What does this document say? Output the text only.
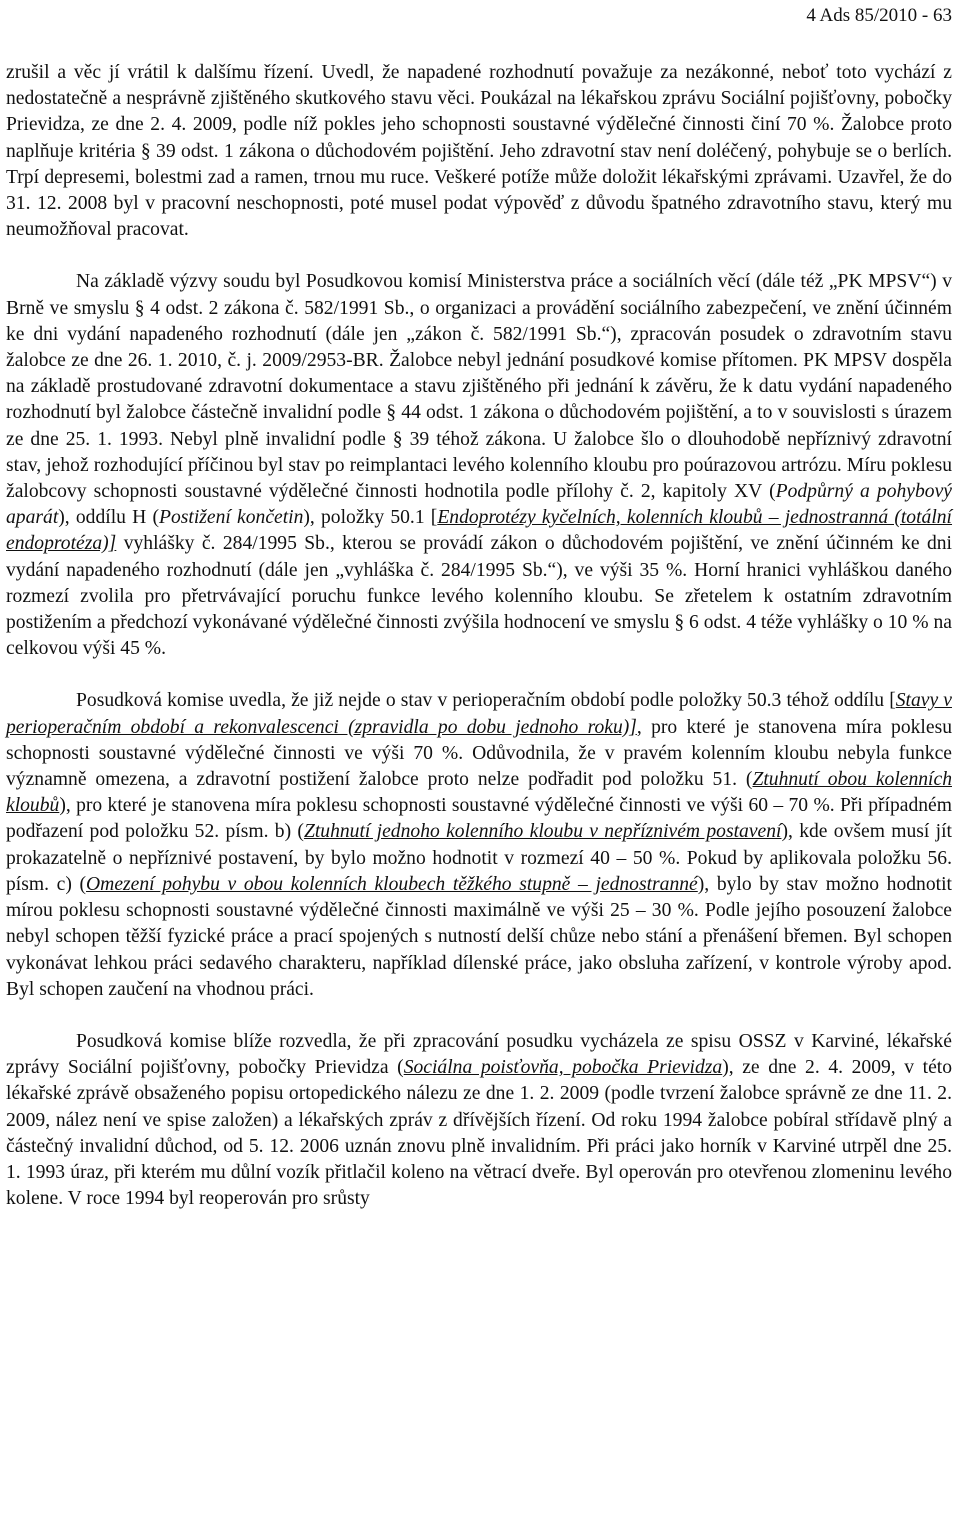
4 Ads 85/2010 - 63

zrušil a věc jí vrátil k dalšímu řízení. Uvedl, že napadené rozhodnutí považuje za nezákonné, neboť toto vychází z nedostatečně a nesprávně zjištěného skutkového stavu věci. Poukázal na lékařskou zprávu Sociální pojišťovny, pobočky Prievidza, ze dne 2. 4. 2009, podle níž pokles jeho schopnosti soustavné výdělečné činnosti činí 70 %. Žalobce proto naplňuje kritéria § 39 odst. 1 zákona o důchodovém pojištění. Jeho zdravotní stav není doléčený, pohybuje se o berlích. Trpí depresemi, bolestmi zad a ramen, trnou mu ruce. Veškeré potíže může doložit lékařskými zprávami. Uzavřel, že do 31. 12. 2008 byl v pracovní neschopnosti, poté musel podat výpověď z důvodu špatného zdravotního stavu, který mu neumožňoval pracovat.

Na základě výzvy soudu byl Posudkovou komisí Ministerstva práce a sociálních věcí (dále též „PK MPSV“) v Brně ve smyslu § 4 odst. 2 zákona č. 582/1991 Sb., o organizaci a provádění sociálního zabezpečení, ve znění účinném ke dni vydání napadeného rozhodnutí (dále jen „zákon č. 582/1991 Sb.“), zpracován posudek o zdravotním stavu žalobce ze dne 26. 1. 2010, č. j. 2009/2953-BR. Žalobce nebyl jednání posudkové komise přítomen. PK MPSV dospěla na základě prostudované zdravotní dokumentace a stavu zjištěného při jednání k závěru, že k datu vydání napadeného rozhodnutí byl žalobce částečně invalidní podle § 44 odst. 1 zákona o důchodovém pojištění, a to v souvislosti s úrazem ze dne 25. 1. 1993. Nebyl plně invalidní podle § 39 téhož zákona. U žalobce šlo o dlouhodobě nepříznivý zdravotní stav, jehož rozhodující příčinou byl stav po reimplantaci levého kolenního kloubu pro poúrazovou artrózu. Míru poklesu žalobcovy schopnosti soustavné výdělečné činnosti hodnotila podle přílohy č. 2, kapitoly XV (Podpůrný a pohybový aparát), oddílu H (Postižení končetin), položky 50.1 [Endoprotézy kyčelních, kolenních kloubů – jednostranná (totální endoprotéza)] vyhlášky č. 284/1995 Sb., kterou se provádí zákon o důchodovém pojištění, ve znění účinném ke dni vydání napadeného rozhodnutí (dále jen „vyhláška č. 284/1995 Sb.“), ve výši 35 %. Horní hranici vyhláškou daného rozmezí zvolila pro přetrvávající poruchu funkce levého kolenního kloubu. Se zřetelem k ostatním zdravotním postižením a předchozí vykonávané výdělečné činnosti zvýšila hodnocení ve smyslu § 6 odst. 4 téže vyhlášky o 10 % na celkovou výši 45 %.

Posudková komise uvedla, že již nejde o stav v perioperačním období podle položky 50.3 téhož oddílu [Stavy v perioperačním období a rekonvalescenci (zpravidla po dobu jednoho roku)], pro které je stanovena míra poklesu schopnosti soustavné výdělečné činnosti ve výši 70 %. Odůvodnila, že v pravém kolenním kloubu nebyla funkce významně omezena, a zdravotní postižení žalobce proto nelze podřadit pod položku 51. (Ztuhnutí obou kolenních kloubů), pro které je stanovena míra poklesu schopnosti soustavné výdělečné činnosti ve výši 60 – 70 %. Při případném podřazení pod položku 52. písm. b) (Ztuhnutí jednoho kolenního kloubu v nepříznivém postavení), kde ovšem musí jít prokazatelně o nepříznivé postavení, by bylo možno hodnotit v rozmezí 40 – 50 %. Pokud by aplikovala položku 56. písm. c) (Omezení pohybu v obou kolenních kloubech těžkého stupně – jednostranné), bylo by stav možno hodnotit mírou poklesu schopnosti soustavné výdělečné činnosti maximálně ve výši 25 – 30 %. Podle jejího posouzení žalobce nebyl schopen těžší fyzické práce a prací spojených s nutností delší chůze nebo stání a přenášení břemen. Byl schopen vykonávat lehkou práci sedavého charakteru, například dílenské práce, jako obsluha zařízení, v kontrole výroby apod. Byl schopen zaučení na vhodnou práci.

Posudková komise blíže rozvedla, že při zpracování posudku vycházela ze spisu OSSZ v Karviné, lékařské zprávy Sociální pojišťovny, pobočky Prievidza (Sociálna poisťovňa, pobočka Prievidza), ze dne 2. 4. 2009, v této lékařské zprávě obsaženého popisu ortopedického nálezu ze dne 1. 2. 2009 (podle tvrzení žalobce správně ze dne 11. 2. 2009, nález není ve spise založen) a lékařských zpráv z dřívějších řízení. Od roku 1994 žalobce pobíral střídavě plný a částečný invalidní důchod, od 5. 12. 2006 uznán znovu plně invalidním. Při práci jako horník v Karviné utrpěl dne 25. 1. 1993 úraz, při kterém mu důlní vozík přitlačil koleno na větrací dveře. Byl operován pro otevřenou zlomeninu levého kolene. V roce 1994 byl reoperován pro srůsty
